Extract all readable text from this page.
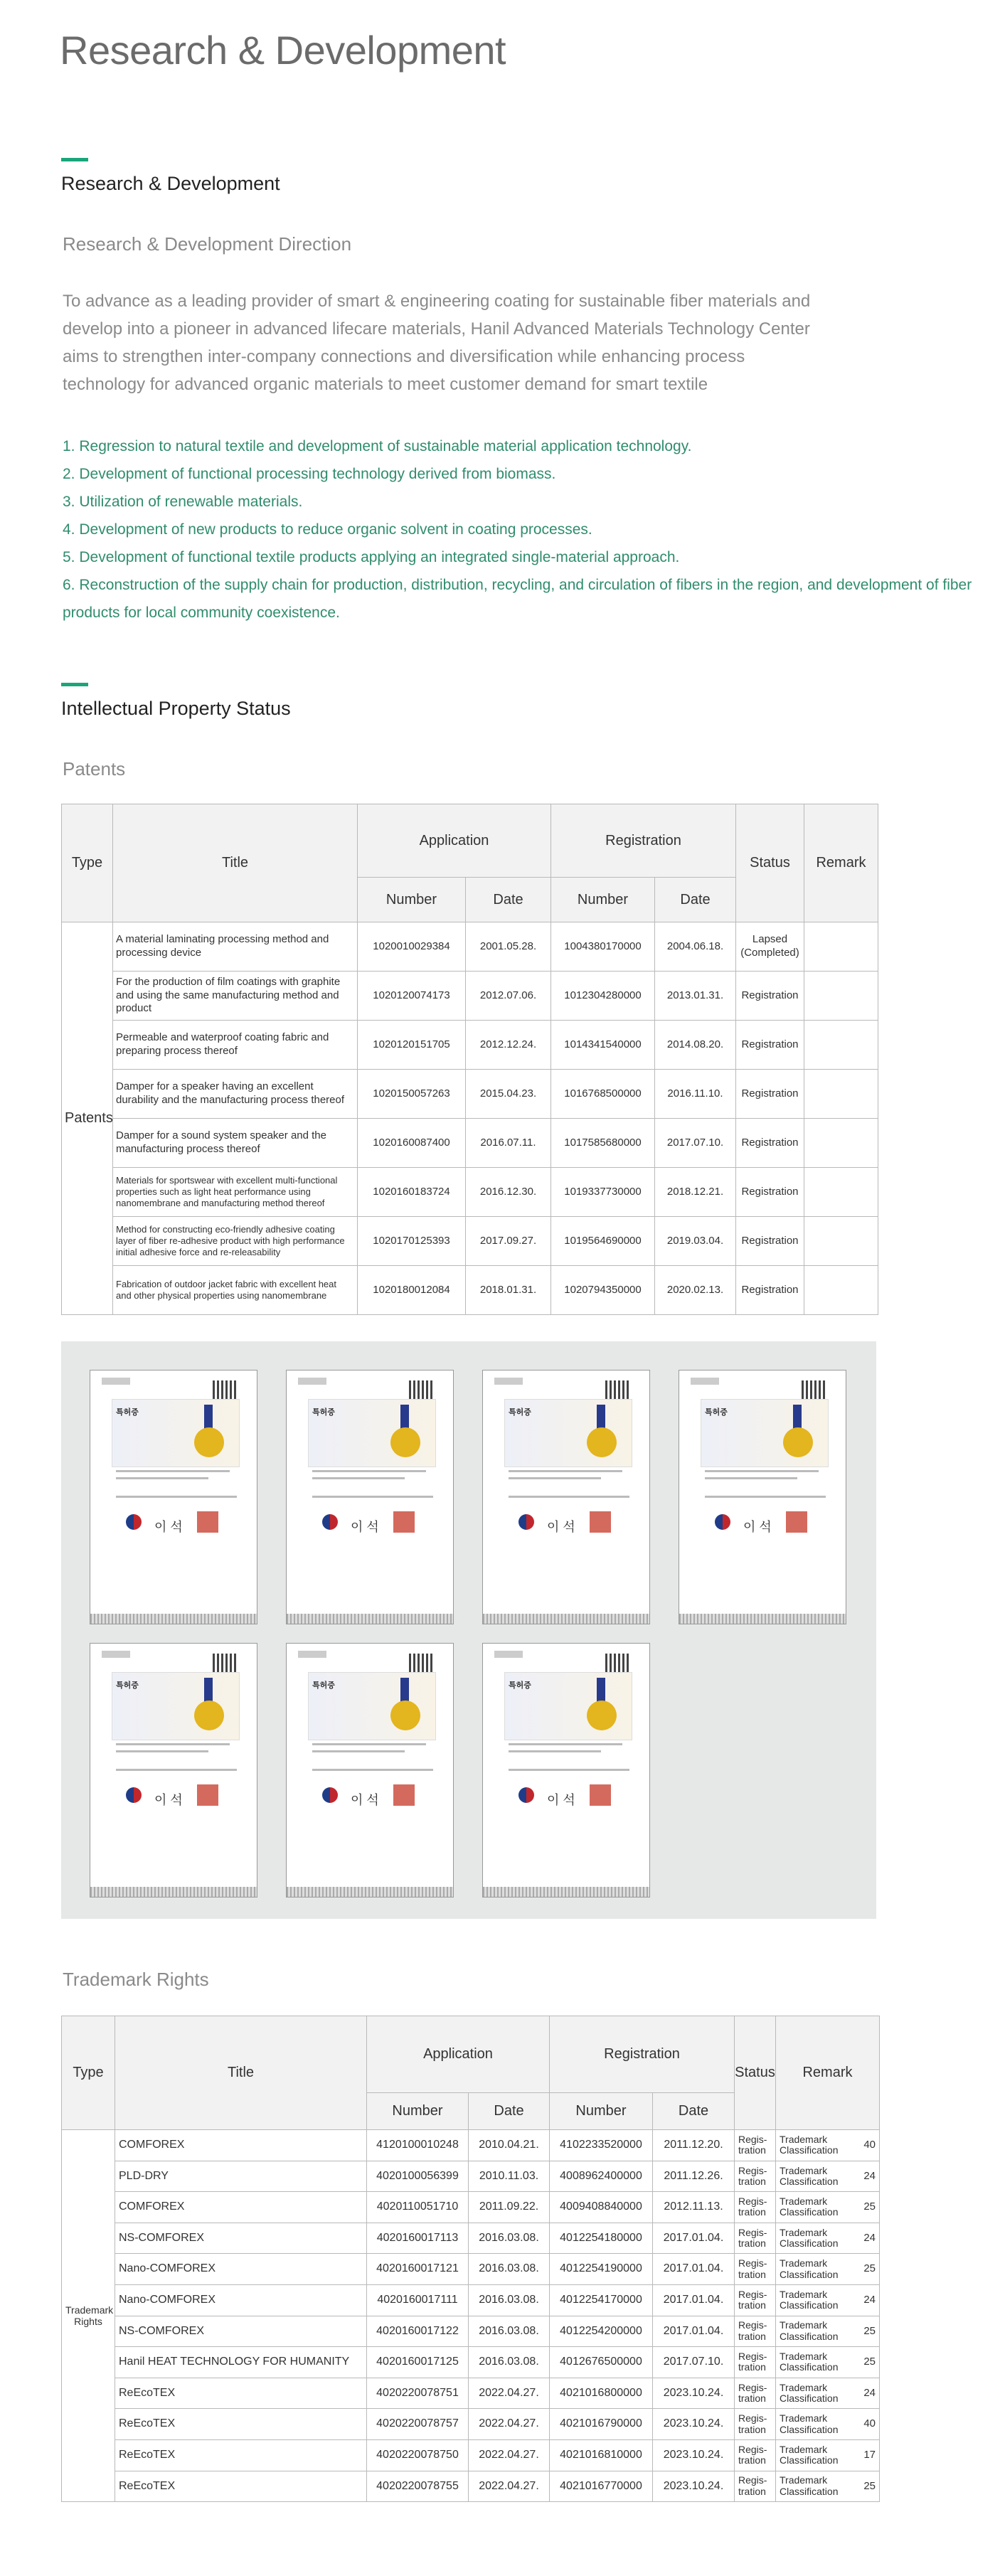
Research & Development
Research & Development
Research & Development Direction

To advance as a leading provider of smart & engineering coating for sustainable fiber materials and develop into a pioneer in advanced lifecare materials, Hanil Advanced Materials Technology Center aims to strengthen inter-company connections and diversification while enhancing process technology for advanced organic materials to meet customer demand for smart textile

1. Regression to natural textile and development of sustainable material application technology.
2. Development of functional processing technology derived from biomass.
3. Utilization of renewable materials.
4. Development of new products to reduce organic solvent in coating processes.
5. Development of functional textile products applying an integrated single-material approach.
6. Reconstruction of the supply chain for production, distribution, recycling, and circulation of fibers in the region, and development of fiber products for local community coexistence.
Intellectual Property Status
Patents
Type	Title	Application		Registration		Status	Remark
		Number	Date	Number	Date		
Patents	A material laminating processing method and processing device	1020010029384	2001.05.28.	1004380170000	2004.06.18.	Lapsed (Completed)	
	For the production of film coatings with graphite and using the same manufacturing method and product	1020120074173	2012.07.06.	1012304280000	2013.01.31.	Registration	
	Permeable and waterproof coating fabric and preparing process thereof	1020120151705	2012.12.24.	1014341540000	2014.08.20.	Registration	
	Damper for a speaker having an excellent durability and the manufacturing process thereof	1020150057263	2015.04.23.	1016768500000	2016.11.10.	Registration	
	Damper for a sound system speaker and the manufacturing process thereof	1020160087400	2016.07.11.	1017585680000	2017.07.10.	Registration	
	Materials for sportswear with excellent multi-functional properties such as light heat performance using nanomembrane and manufacturing method thereof	1020160183724	2016.12.30.	1019337730000	2018.12.21.	Registration	
	Method for constructing eco-friendly adhesive coating layer of fiber re-adhesive product with high performance initial adhesive force and re-releasability	1020170125393	2017.09.27.	1019564690000	2019.03.04.	Registration	
	Fabrication of outdoor jacket fabric with excellent heat and other physical properties using nanomembrane	1020180012084	2018.01.31.	1020794350000	2020.02.13.	Registration	
특허증
이 석
특허증
이 석
특허증
이 석
특허증
이 석
특허증
이 석
특허증
이 석
특허증
이 석
Trademark Rights
Type	Title	Application		Registration		Status	Remark
		Number	Date	Number	Date		
Trademark Rights	COMFOREX	4120100010248	2010.04.21.	4102233520000	2011.12.20.	Regis-tration	Trademark Classification 40

	PLD-DRY	4020100056399	2010.11.03.	4008962400000	2011.12.26.	Regis-tration	Trademark Classification 24

	COMFOREX	4020110051710	2011.09.22.	4009408840000	2012.11.13.	Regis-tration	Trademark Classification 25

	NS-COMFOREX	4020160017113	2016.03.08.	4012254180000	2017.01.04.	Regis-tration	Trademark Classification 24

	Nano-COMFOREX	4020160017121	2016.03.08.	4012254190000	2017.01.04.	Regis-tration	Trademark Classification 25

	Nano-COMFOREX	4020160017111	2016.03.08.	4012254170000	2017.01.04.	Regis-tration	Trademark Classification 24

	NS-COMFOREX	4020160017122	2016.03.08.	4012254200000	2017.01.04.	Regis-tration	Trademark Classification 25

	Hanil HEAT TECHNOLOGY FOR HUMANITY	4020160017125	2016.03.08.	4012676500000	2017.07.10.	Regis-tration	Trademark Classification 25

	ReEcoTEX	4020220078751	2022.04.27.	4021016800000	2023.10.24.	Regis-tration	Trademark Classification 24

	ReEcoTEX	4020220078757	2022.04.27.	4021016790000	2023.10.24.	Regis-tration	Trademark Classification 40

	ReEcoTEX	4020220078750	2022.04.27.	4021016810000	2023.10.24.	Regis-tration	Trademark Classification 17

	ReEcoTEX	4020220078755	2022.04.27.	4021016770000	2023.10.24.	Regis-tration	Trademark Classification 25
